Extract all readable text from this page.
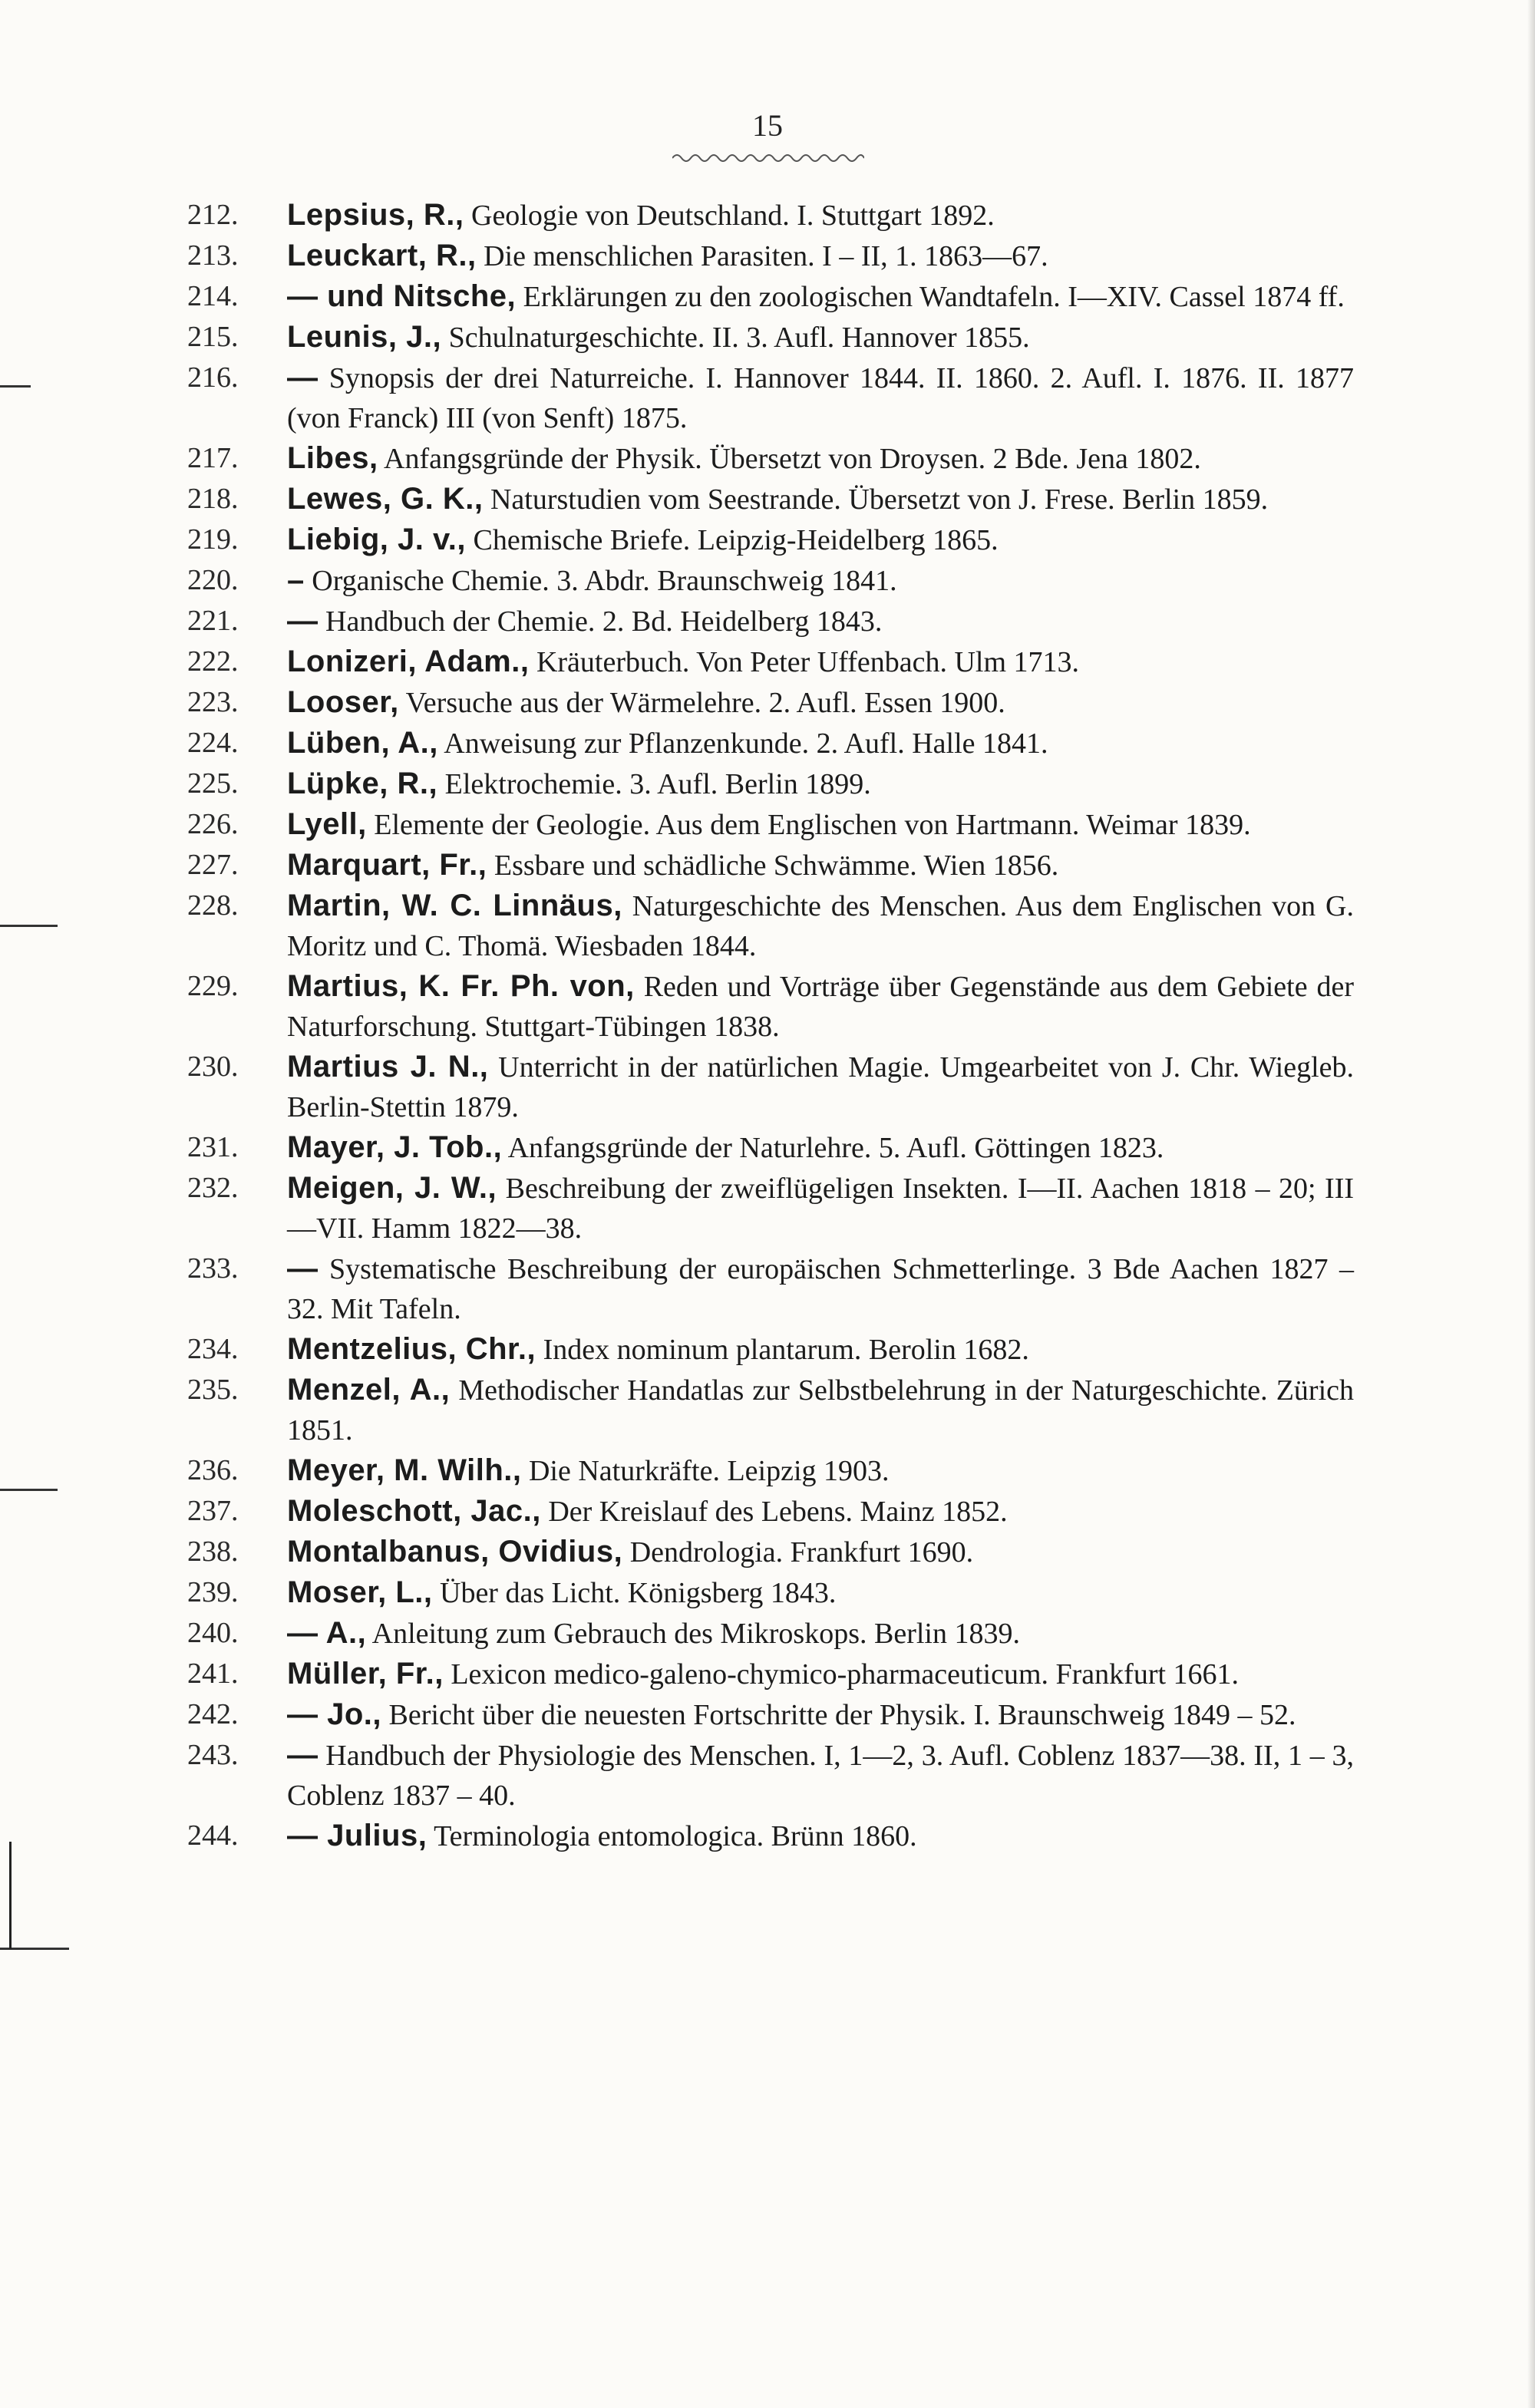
15
212.	Lepsius, R., Geologie von Deutschland. I. Stuttgart 1892.
213.	Leuckart, R., Die menschlichen Parasiten. I – II, 1. 1863—67.
214.	— und Nitsche, Erklärungen zu den zoologischen Wandtafeln. I—XIV. Cassel 1874 ff.
215.	Leunis, J., Schulnaturgeschichte. II. 3. Aufl. Hannover 1855.
216.	— Synopsis der drei Naturreiche. I. Hannover 1844. II. 1860. 2. Aufl. I. 1876. II. 1877 (von Franck) III (von Senft) 1875.
217.	Libes, Anfangsgründe der Physik. Übersetzt von Droysen. 2 Bde. Jena 1802.
218.	Lewes, G. K., Naturstudien vom Seestrande. Übersetzt von J. Frese. Berlin 1859.
219.	Liebig, J. v., Chemische Briefe. Leipzig-Heidelberg 1865.
220.	– Organische Chemie. 3. Abdr. Braunschweig 1841.
221.	— Handbuch der Chemie. 2. Bd. Heidelberg 1843.
222.	Lonizeri, Adam., Kräuterbuch. Von Peter Uffenbach. Ulm 1713.
223.	Looser, Versuche aus der Wärmelehre. 2. Aufl. Essen 1900.
224.	Lüben, A., Anweisung zur Pflanzenkunde. 2. Aufl. Halle 1841.
225.	Lüpke, R., Elektrochemie. 3. Aufl. Berlin 1899.
226.	Lyell, Elemente der Geologie. Aus dem Englischen von Hartmann. Weimar 1839.
227.	Marquart, Fr., Essbare und schädliche Schwämme. Wien 1856.
228.	Martin, W. C. Linnäus, Naturgeschichte des Menschen. Aus dem Englischen von G. Moritz und C. Thomä. Wiesbaden 1844.
229.	Martius, K. Fr. Ph. von, Reden und Vorträge über Gegenstände aus dem Gebiete der Naturforschung. Stuttgart-Tübingen 1838.
230.	Martius J. N., Unterricht in der natürlichen Magie. Umgearbeitet von J. Chr. Wiegleb. Berlin-Stettin 1879.
231.	Mayer, J. Tob., Anfangsgründe der Naturlehre. 5. Aufl. Göttingen 1823.
232.	Meigen, J. W., Beschreibung der zweiflügeligen Insekten. I—II. Aachen 1818 – 20; III—VII. Hamm 1822—38.
233.	— Systematische Beschreibung der europäischen Schmetterlinge. 3 Bde Aachen 1827 – 32. Mit Tafeln.
234.	Mentzelius, Chr., Index nominum plantarum. Berolin 1682.
235.	Menzel, A., Methodischer Handatlas zur Selbstbelehrung in der Naturgeschichte. Zürich 1851.
236.	Meyer, M. Wilh., Die Naturkräfte. Leipzig 1903.
237.	Moleschott, Jac., Der Kreislauf des Lebens. Mainz 1852.
238.	Montalbanus, Ovidius, Dendrologia. Frankfurt 1690.
239.	Moser, L., Über das Licht. Königsberg 1843.
240.	— A., Anleitung zum Gebrauch des Mikroskops. Berlin 1839.
241.	Müller, Fr., Lexicon medico-galeno-chymico-pharmaceuticum. Frankfurt 1661.
242.	— Jo., Bericht über die neuesten Fortschritte der Physik. I. Braunschweig 1849 – 52.
243.	— Handbuch der Physiologie des Menschen. I, 1—2, 3. Aufl. Coblenz 1837—38. II, 1 – 3, Coblenz 1837 – 40.
244.	— Julius, Terminologia entomologica. Brünn 1860.
